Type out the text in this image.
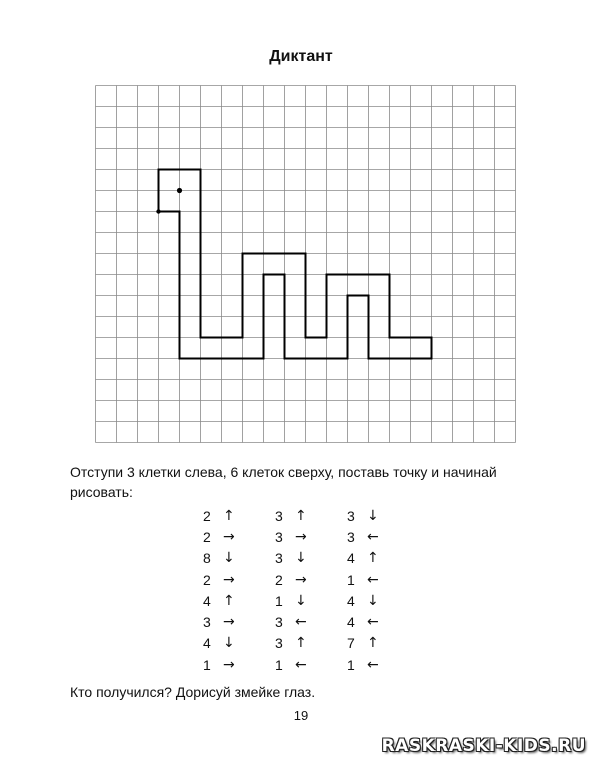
Диктант
Отступи 3 клетки слева, 6 клеток сверху, поставь точку и начинай рисовать:
2 ↑
2 →
8 ↓
2 →
4 ↑
3 →
4 ↓
1 →
3 ↑
3 →
3 ↓
2 →
1 ↓
3 ←
3 ↑
1 ←
3 ↓
3 ←
4 ↑
1 ←
4 ↓
4 ←
7 ↑
1 ←
Кто получился? Дорисуй змейке глаз.
19
RASKRASKI-KIDS.RU
